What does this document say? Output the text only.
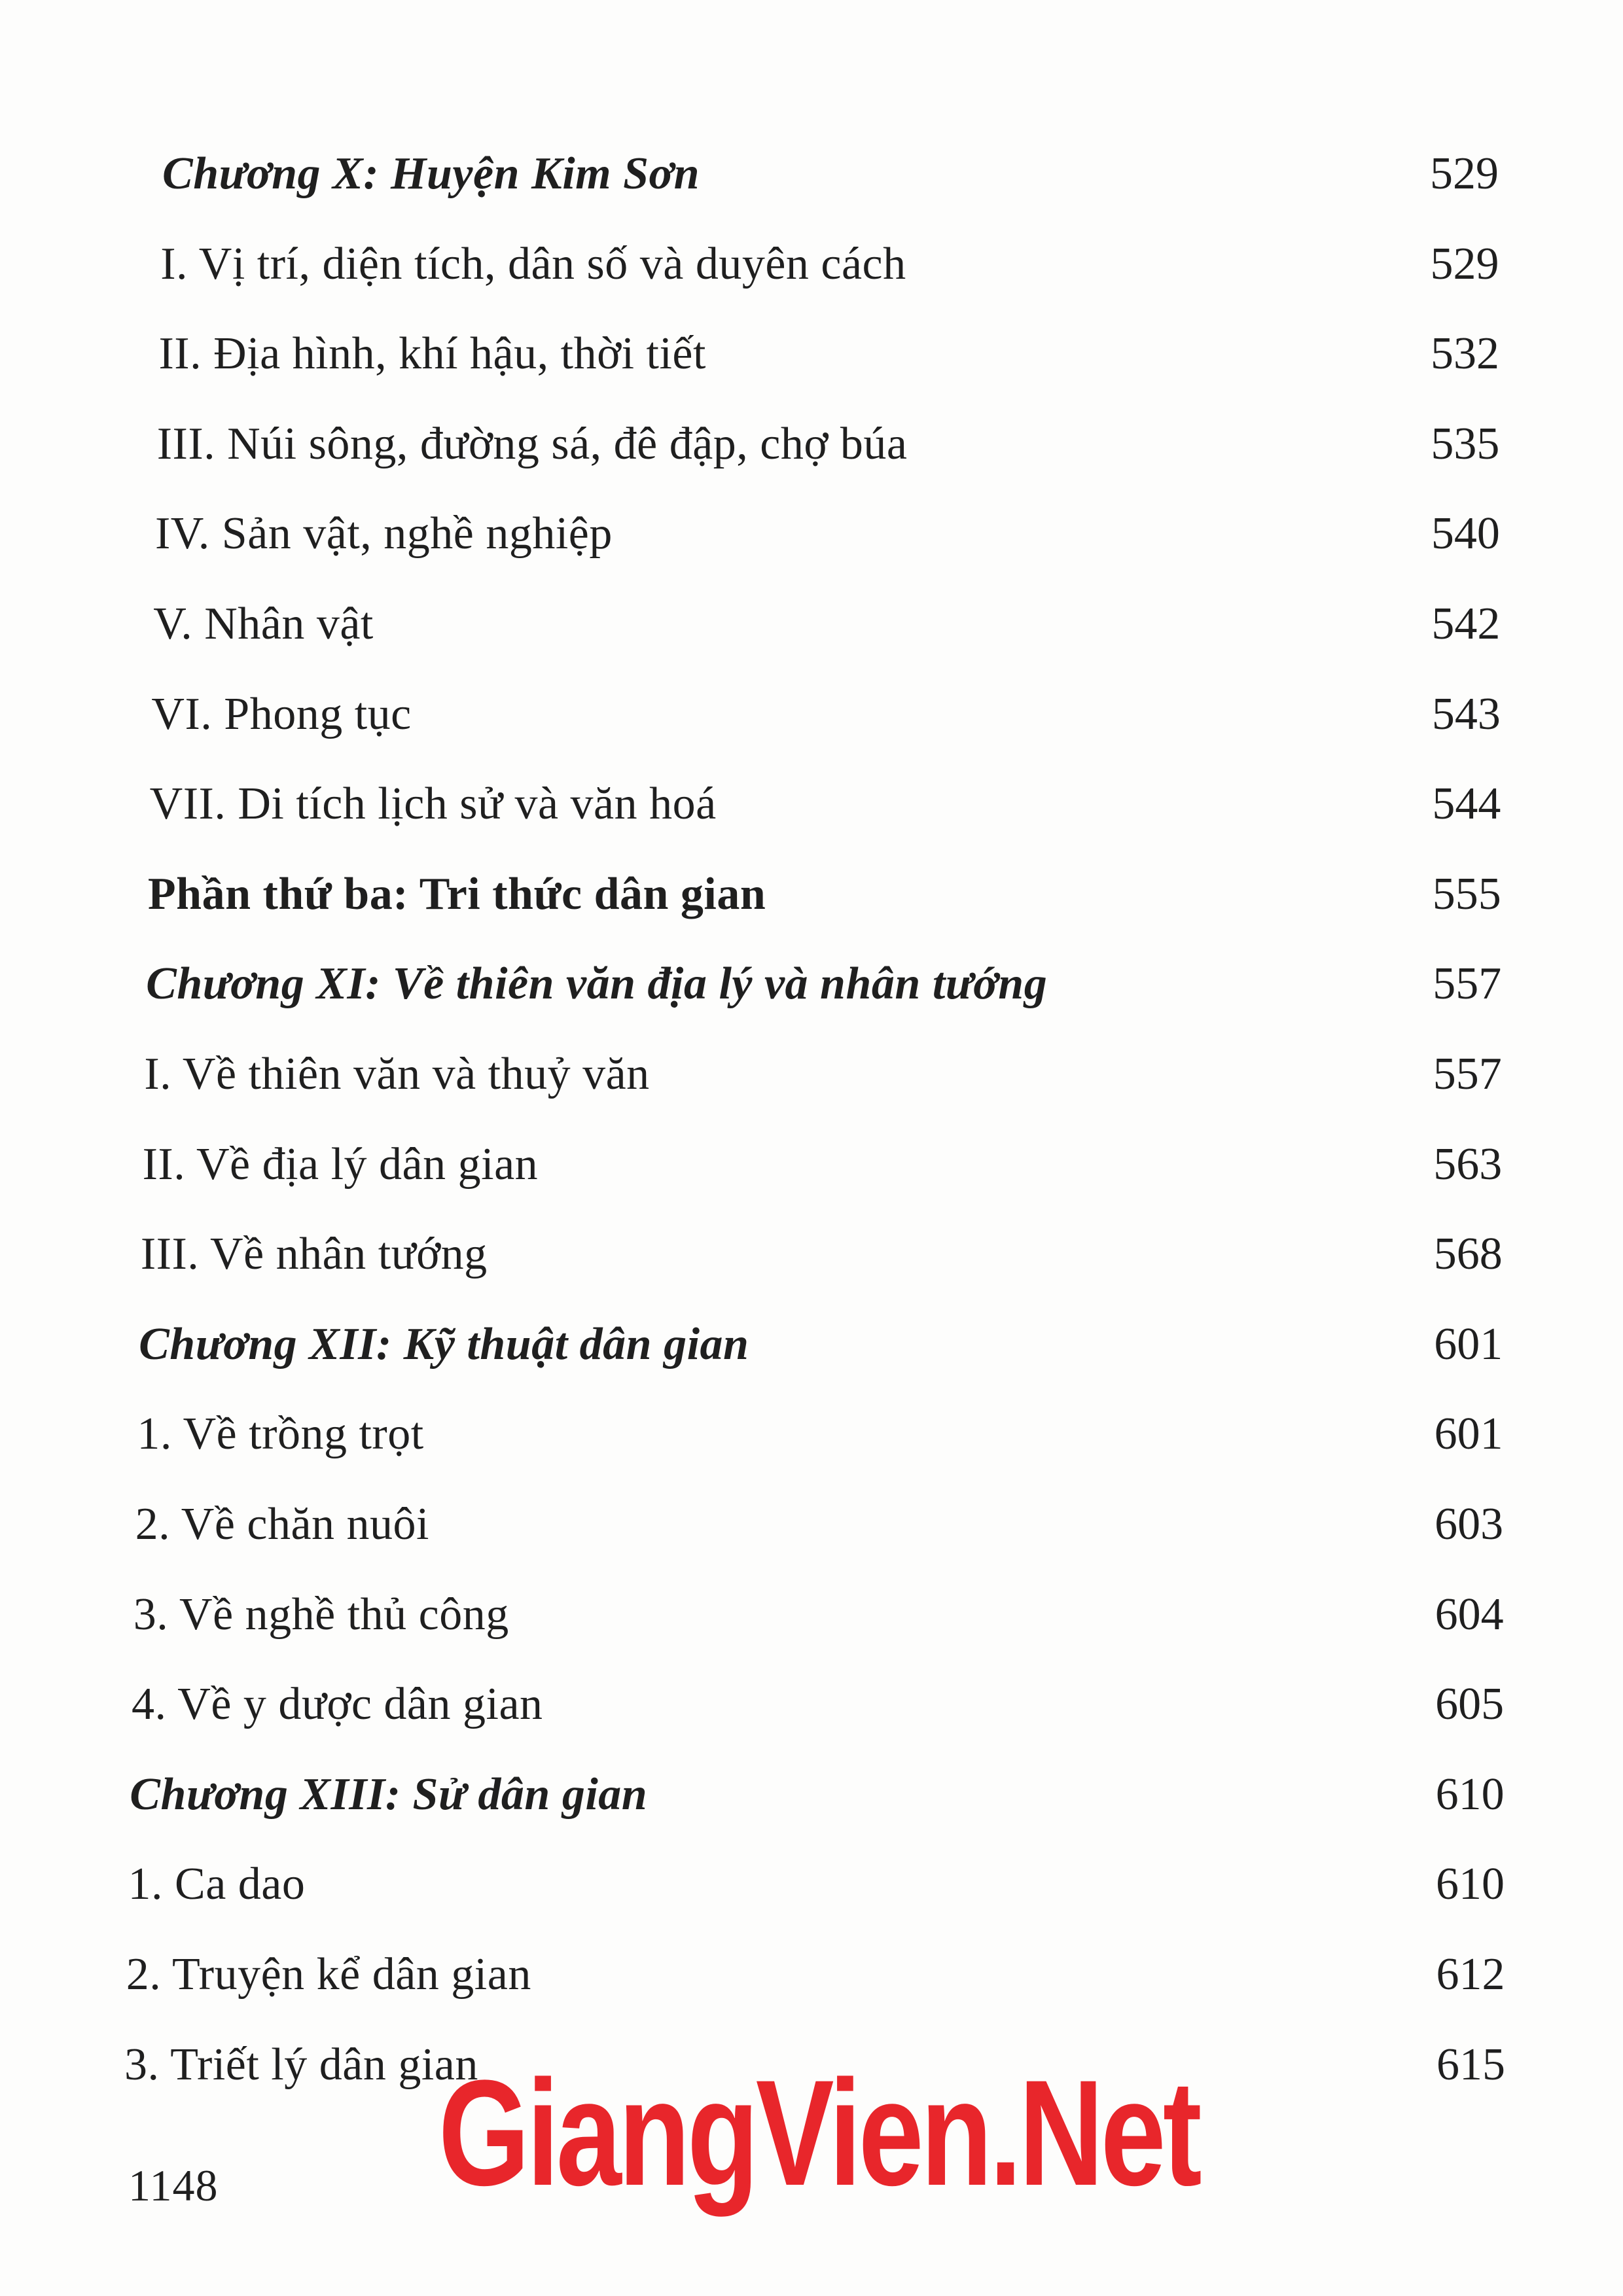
Chương X: Huyện Kim Sơn	529
I. Vị trí, diện tích, dân số và duyên cách	529
II. Địa hình, khí hậu, thời tiết	532
III. Núi sông, đường sá, đê đập, chợ búa	535
IV. Sản vật, nghề nghiệp	540
V. Nhân vật	542
VI. Phong tục	543
VII. Di tích lịch sử và văn hoá	544
Phần thứ ba: Tri thức dân gian	555
Chương XI: Về thiên văn địa lý và nhân tướng	557
I. Về thiên văn và thuỷ văn	557
II. Về địa lý dân gian	563
III. Về nhân tướng	568
Chương XII: Kỹ thuật dân gian	601
1. Về trồng trọt	601
2. Về chăn nuôi	603
3. Về nghề thủ công	604
4. Về y dược dân gian	605
Chương XIII: Sử dân gian	610
1. Ca dao	610
2. Truyện kể dân gian	612
3. Triết lý dân gian	615
GiangVien.Net
1148
